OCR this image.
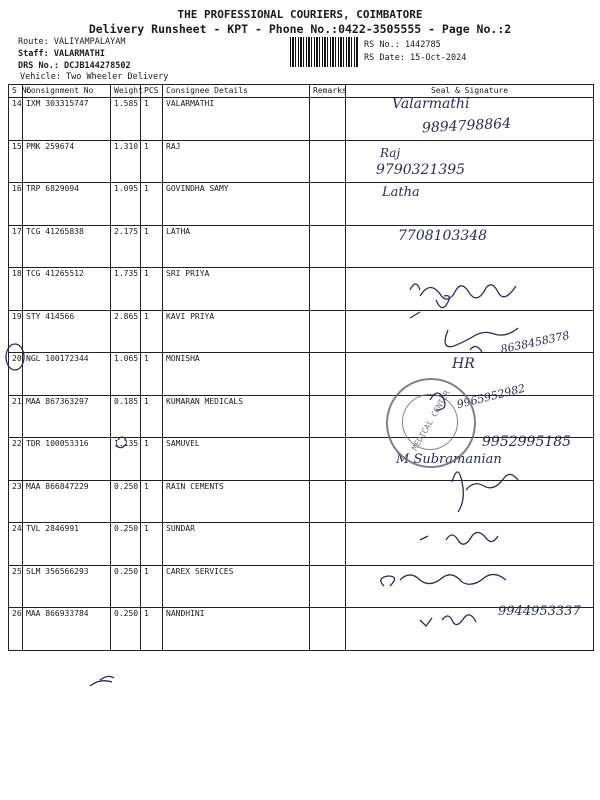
THE PROFESSIONAL COURIERS, COIMBATORE
Delivery Runsheet - KPT - Phone No.:0422-3505555 - Page No.:2
Route: VALIYAMPALAYAM
Staff: VALARMATHI
DRS No.: DCJB144278502
Vehicle: Two Wheeler Delivery
RS No.: 1442785
RS Date: 15-Oct-2024
S No	Consignment No	Weight	PCS	Consignee Details	Remarks	Seal & Signature
14	IXM 303315747	1.585	1	VALARMATHI		
15	PMK 259674	1.310	1	RAJ		
16	TRP 6829094	1.095	1	GOVINDHA SAMY		
17	TCG 41265838	2.175	1	LATHA		
18	TCG 41265512	1.735	1	SRI PRIYA		
19	STY 414566	2.865	1	KAVI PRIYA		
20	NGL 100172344	1.065	1	MONISHA		
21	MAA 867363297	0.185	1	KUMARAN MEDICALS		
22	TDR 100053316	1.135	1	SAMUVEL		
23	MAA 866847229	0.250	1	RAIN CEMENTS		
24	TVL 2846991	0.250	1	SUNDAR		
25	SLM 356566293	0.250	1	CAREX SERVICES		
26	MAA 866933784	0.250	1	NANDHINI		
Valarmathi
9894798864
Raj
9790321395
Latha
7708103348
8638458378
HR
9965952982
9952995185
M Subramanian
9944953337
MEDICAL CENTER
